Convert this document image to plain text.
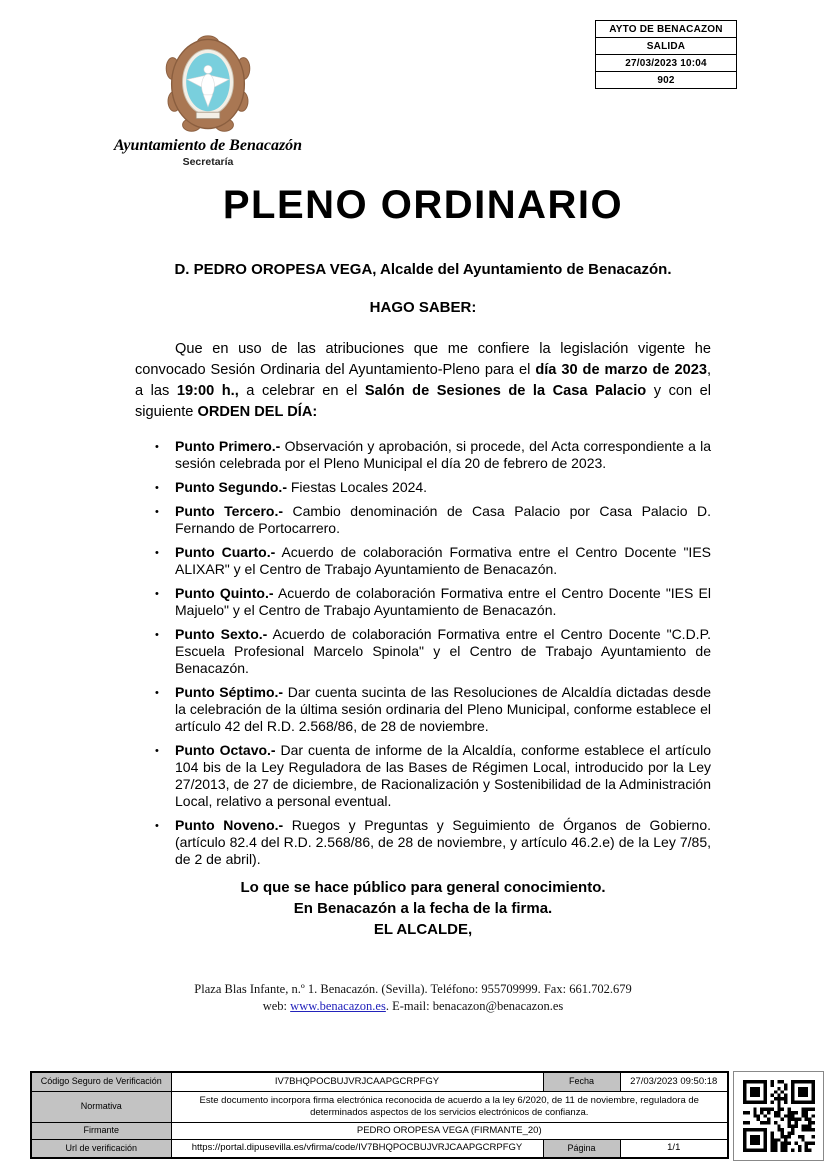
AYTO DE BENACAZON
SALIDA
27/03/2023 10:04
902
Ayuntamiento de Benacazón
Secretaría
PLENO ORDINARIO
D. PEDRO OROPESA VEGA, Alcalde del Ayuntamiento de Benacazón.
HAGO SABER:

Que en uso de las atribuciones que me confiere la legislación vigente he convocado Sesión Ordinaria del Ayuntamiento-Pleno para el día 30 de marzo de 2023, a las 19:00 h., a celebrar en el Salón de Sesiones de la Casa Palacio y con el siguiente ORDEN DEL DÍA:

• Punto Primero.- Observación y aprobación, si procede, del Acta correspondiente a la sesión celebrada por el Pleno Municipal el día 20 de febrero de 2023.
• Punto Segundo.- Fiestas Locales 2024.
• Punto Tercero.- Cambio denominación de Casa Palacio por Casa Palacio D. Fernando de Portocarrero.
• Punto Cuarto.- Acuerdo de colaboración Formativa entre el Centro Docente "IES ALIXAR" y el Centro de Trabajo Ayuntamiento de Benacazón.
• Punto Quinto.- Acuerdo de colaboración Formativa entre el Centro Docente "IES El Majuelo" y el Centro de Trabajo Ayuntamiento de Benacazón.
• Punto Sexto.- Acuerdo de colaboración Formativa entre el Centro Docente "C.D.P. Escuela Profesional Marcelo Spinola" y el Centro de Trabajo Ayuntamiento de Benacazón.
• Punto Séptimo.- Dar cuenta sucinta de las Resoluciones de Alcaldía dictadas desde la celebración de la última sesión ordinaria del Pleno Municipal, conforme establece el artículo 42 del R.D. 2.568/86, de 28 de noviembre.
• Punto Octavo.- Dar cuenta de informe de la Alcaldía, conforme establece el artículo 104 bis de la Ley Reguladora de las Bases de Régimen Local, introducido por la Ley 27/2013, de 27 de diciembre, de Racionalización y Sostenibilidad de la Administración Local, relativo a personal eventual.
• Punto Noveno.- Ruegos y Preguntas y Seguimiento de Órganos de Gobierno. (artículo 82.4 del R.D. 2.568/86, de 28 de noviembre, y artículo 46.2.e) de la Ley 7/85, de 2 de abril).
Lo que se hace público para general conocimiento.
En Benacazón a la fecha de la firma.
EL ALCALDE,
Plaza Blas Infante, n.º 1. Benacazón. (Sevilla). Teléfono: 955709999. Fax: 661.702.679
web: www.benacazon.es. E-mail: benacazon@benacazon.es
Código Seguro de Verificación	IV7BHQPOCBUJVRJCAAPGCRPFGY	Fecha	27/03/2023 09:50:18
Normativa	Este documento incorpora firma electrónica reconocida de acuerdo a la ley 6/2020, de 11 de noviembre, reguladora de determinados aspectos de los servicios electrónicos de confianza.		
Firmante	PEDRO OROPESA VEGA (FIRMANTE_20)		
Url de verificación	https://portal.dipusevilla.es/vfirma/code/IV7BHQPOCBUJVRJCAAPGCRPFGY	Página	1/1
